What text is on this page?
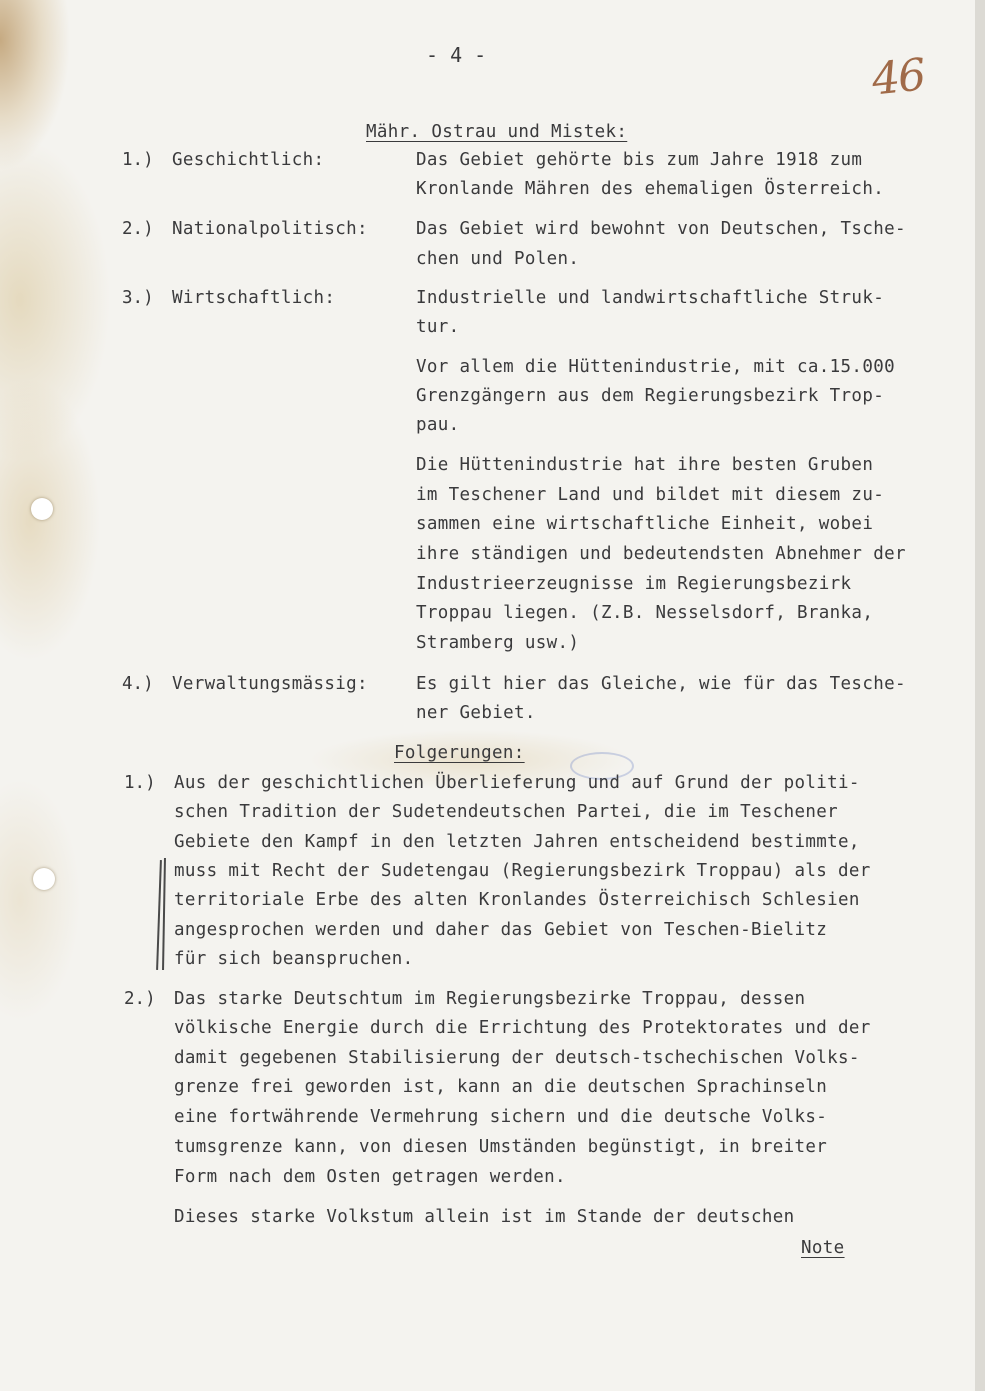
- 4 -	46
Mähr. Ostrau und Mistek:
1.) Geschichtlich:	Das Gebiet gehörte bis zum Jahre 1918 zum
Kronlande Mähren des ehemaligen Österreich.
2.) Nationalpolitisch:	Das Gebiet wird bewohnt von Deutschen, Tsche-
chen und Polen.
3.) Wirtschaftlich:	Industrielle und landwirtschaftliche Struk-
tur.
Vor allem die Hüttenindustrie, mit ca.15.000
Grenzgängern aus dem Regierungsbezirk Trop-
pau.
Die Hüttenindustrie hat ihre besten Gruben
im Teschener Land und bildet mit diesem zu-
sammen eine wirtschaftliche Einheit, wobei
ihre ständigen und bedeutendsten Abnehmer der
Industrieerzeugnisse im Regierungsbezirk
Troppau liegen. (Z.B. Nesselsdorf, Branka,
Stramberg usw.)
4.) Verwaltungsmässig:	Es gilt hier das Gleiche, wie für das Tesche-
ner Gebiet.
Folgerungen:
1.) Aus der geschichtlichen Überlieferung und auf Grund der politi-
schen Tradition der Sudetendeutschen Partei, die im Teschener
Gebiete den Kampf in den letzten Jahren entscheidend bestimmte,
muss mit Recht der Sudetengau (Regierungsbezirk Troppau) als der
territoriale Erbe des alten Kronlandes Österreichisch Schlesien
angesprochen werden und daher das Gebiet von Teschen-Bielitz
für sich beanspruchen.
2.) Das starke Deutschtum im Regierungsbezirke Troppau, dessen
völkische Energie durch die Errichtung des Protektorates und der
damit gegebenen Stabilisierung der deutsch-tschechischen Volks-
grenze frei geworden ist, kann an die deutschen Sprachinseln
eine fortwährende Vermehrung sichern und die deutsche Volks-
tumsgrenze kann, von diesen Umständen begünstigt, in breiter
Form nach dem Osten getragen werden.
Dieses starke Volkstum allein ist im Stande der deutschen
Note
